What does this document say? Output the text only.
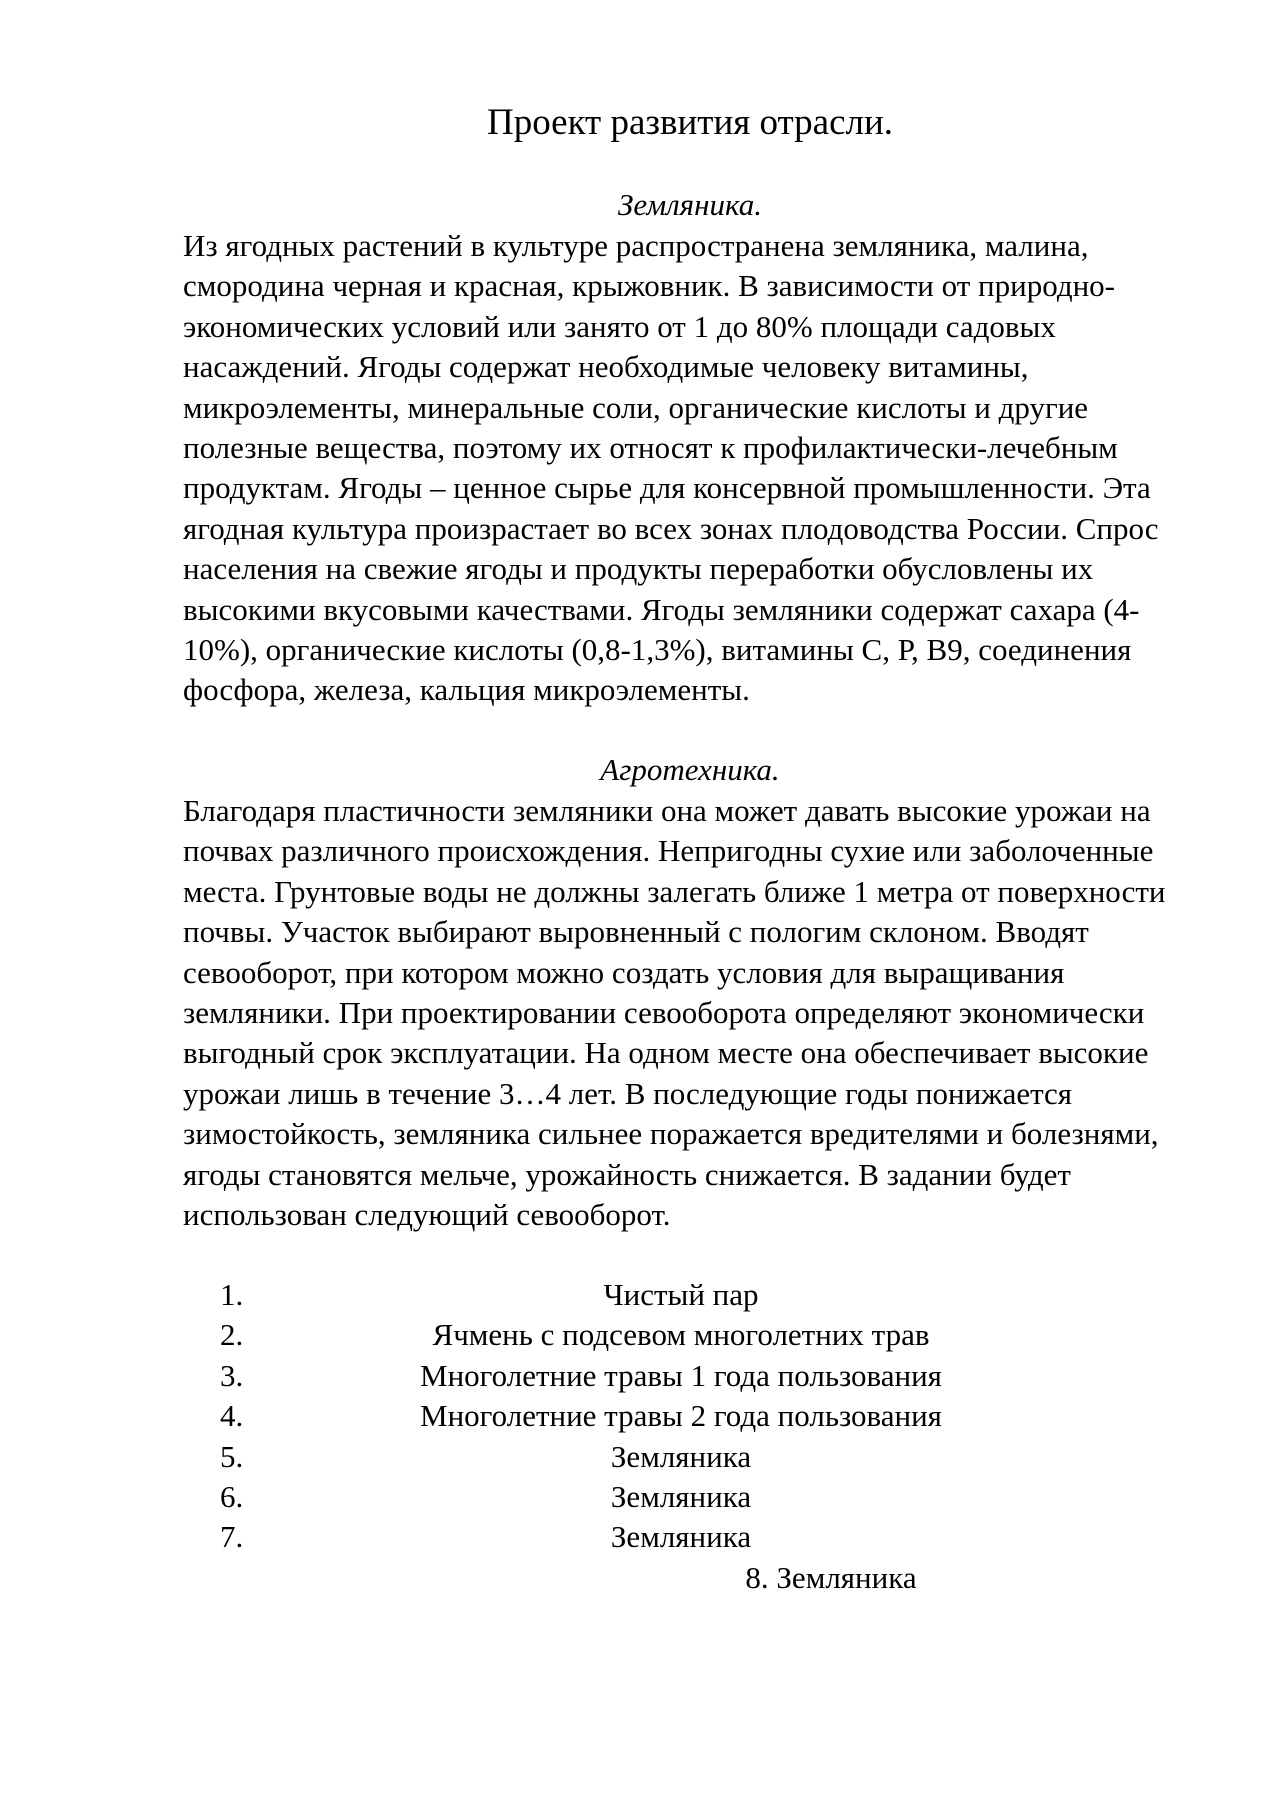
Проект развития отрасли.
Земляника.

Из ягодных растений в культуре распространена земляника, малина, смородина черная и красная, крыжовник. В зависимости от природно-экономических условий или занято от 1 до 80% площади садовых насаждений. Ягоды содержат необходимые человеку витамины, микроэлементы, минеральные соли, органические кислоты и другие полезные вещества, поэтому их относят к профилактически-лечебным продуктам. Ягоды – ценное сырье для консервной промышленности. Эта ягодная культура произрастает во всех зонах плодоводства России. Спрос населения на свежие ягоды и продукты переработки обусловлены их высокими вкусовыми качествами. Ягоды земляники содержат сахара (4-10%), органические кислоты (0,8-1,3%), витамины С, Р, В9, соединения фосфора, железа, кальция микроэлементы.

Агротехника.

Благодаря пластичности земляники она может давать высокие урожаи на почвах различного происхождения. Непригодны сухие или заболоченные места. Грунтовые воды не должны залегать ближе 1 метра от поверхности почвы. Участок выбирают выровненный с пологим склоном. Вводят севооборот, при котором можно создать условия для выращивания земляники. При проектировании севооборота определяют экономически выгодный срок эксплуатации. На одном месте она обеспечивает высокие урожаи лишь в течение 3…4 лет. В последующие годы понижается зимостойкость, земляника сильнее поражается вредителями и болезнями, ягоды становятся мельче, урожайность снижается. В задании будет использован следующий севооборот.

1.	Чистый пар
2.	Ячмень с подсевом многолетних трав
3.	Многолетние травы 1 года пользования
4.	Многолетние травы 2 года пользования
5.	Земляника
6.	Земляника
7.	Земляника
8. Земляника
